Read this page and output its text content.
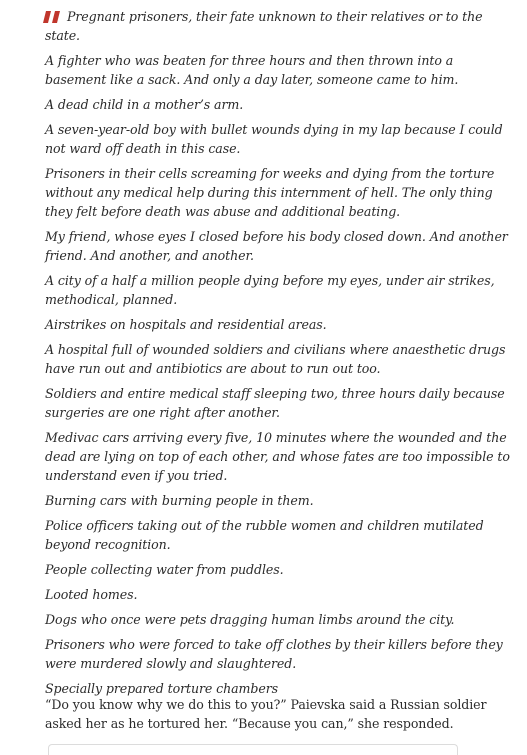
Pregnant prisoners, their fate unknown to their relatives or to the state.

A fighter who was beaten for three hours and then thrown into a basement like a sack. And only a day later, someone came to him.

A dead child in a mother’s arm.

A seven-year-old boy with bullet wounds dying in my lap because I could not ward off death in this case.

Prisoners in their cells screaming for weeks and dying from the torture without any medical help during this internment of hell. The only thing they felt before death was abuse and additional beating.

My friend, whose eyes I closed before his body closed down. And another friend. And another, and another.

A city of a half a million people dying before my eyes, under air strikes, methodical, planned.

Airstrikes on hospitals and residential areas.

A hospital full of wounded soldiers and civilians where anaesthetic drugs have run out and antibiotics are about to run out too.

Soldiers and entire medical staff sleeping two, three hours daily because surgeries are one right after another.

Medivac cars arriving every five, 10 minutes where the wounded and the dead are lying on top of each other, and whose fates are too impossible to understand even if you tried.

Burning cars with burning people in them.

Police officers taking out of the rubble women and children mutilated beyond recognition.

People collecting water from puddles.

Looted homes.

Dogs who once were pets dragging human limbs around the city.

Prisoners who were forced to take off clothes by their killers before they were murdered slowly and slaughtered.

Specially prepared torture chambers

“Do you know why we do this to you?” Paievska said a Russian soldier asked her as he tortured her. “Because you can,” she responded.
